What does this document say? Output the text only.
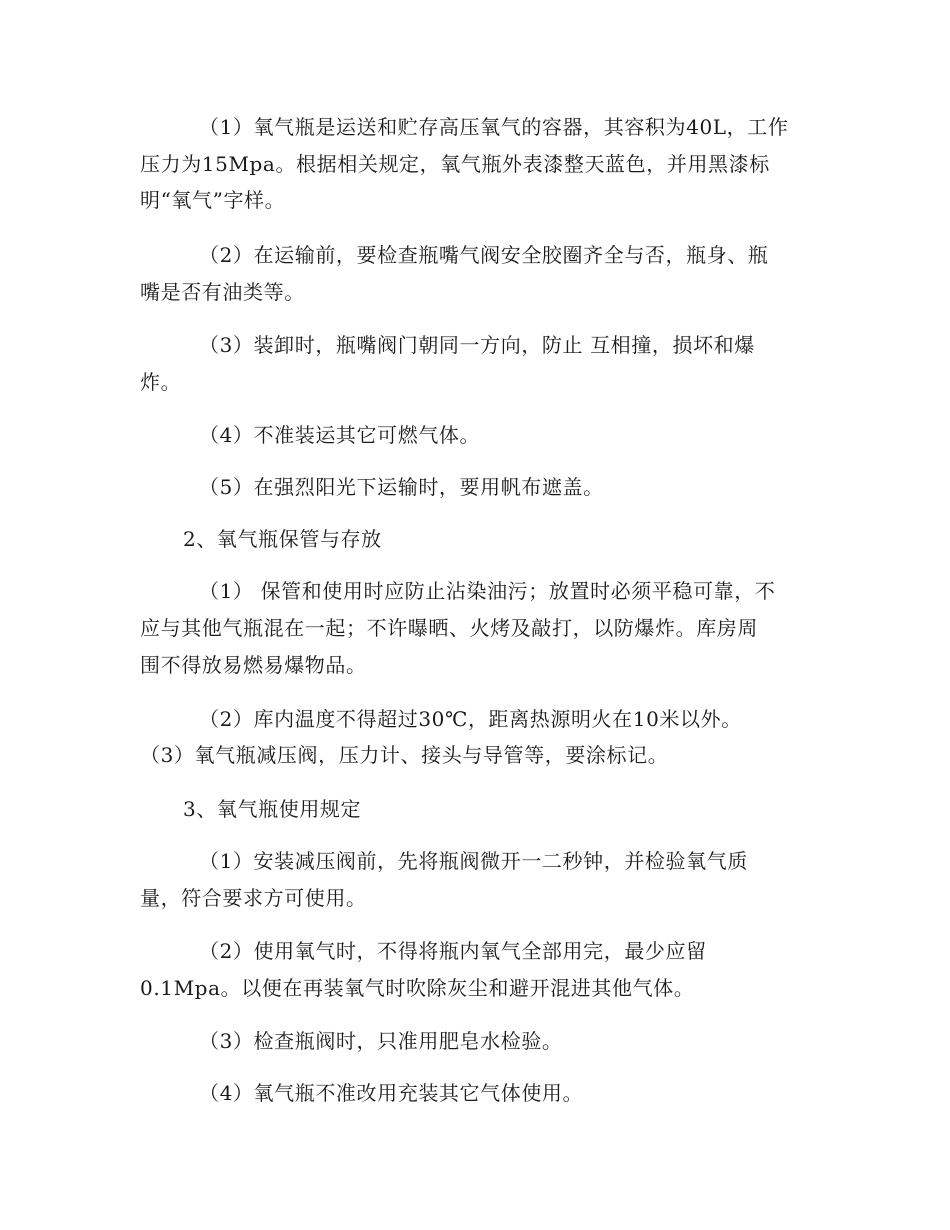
（1）氧气瓶是运送和贮存高压氧气的容器，其容积为40L，工作
压力为15Mpa。根据相关规定，氧气瓶外表漆整天蓝色，并用黑漆标
明“氧气”字样。
（2）在运输前，要检查瓶嘴气阀安全胶圈齐全与否，瓶身、瓶
嘴是否有油类等。
（3）装卸时，瓶嘴阀门朝同一方向，防止 互相撞，损坏和爆
炸。
（4）不准装运其它可燃气体。
（5）在强烈阳光下运输时，要用帆布遮盖。
2、氧气瓶保管与存放
（1） 保管和使用时应防止沾染油污；放置时必须平稳可靠，不
应与其他气瓶混在一起；不许曝晒、火烤及敲打，以防爆炸。库房周
围不得放易燃易爆物品。
（2）库内温度不得超过30℃，距离热源明火在10米以外。
（3）氧气瓶减压阀，压力计、接头与导管等，要涂标记。
3、氧气瓶使用规定
（1）安装减压阀前，先将瓶阀微开一二秒钟，并检验氧气质
量，符合要求方可使用。
（2）使用氧气时，不得将瓶内氧气全部用完，最少应留
0.1Mpa。以便在再装氧气时吹除灰尘和避开混进其他气体。
（3）检查瓶阀时，只准用肥皂水检验。
（4）氧气瓶不准改用充装其它气体使用。
